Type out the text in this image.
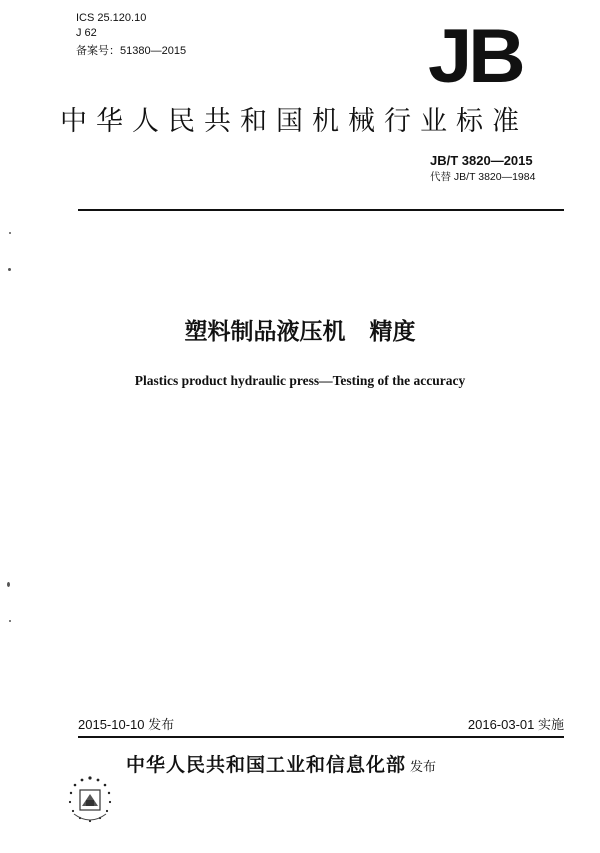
ICS 25.120.10
J 62
备案号：51380—2015	JB
中华人民共和国机械行业标准
JB/T 3820—2015
代替 JB/T 3820—1984
塑料制品液压机   精度
Plastics product hydraulic press—Testing of the accuracy
2015-10-10 发布	2016-03-01 实施
中华人民共和国工业和信息化部 发布
